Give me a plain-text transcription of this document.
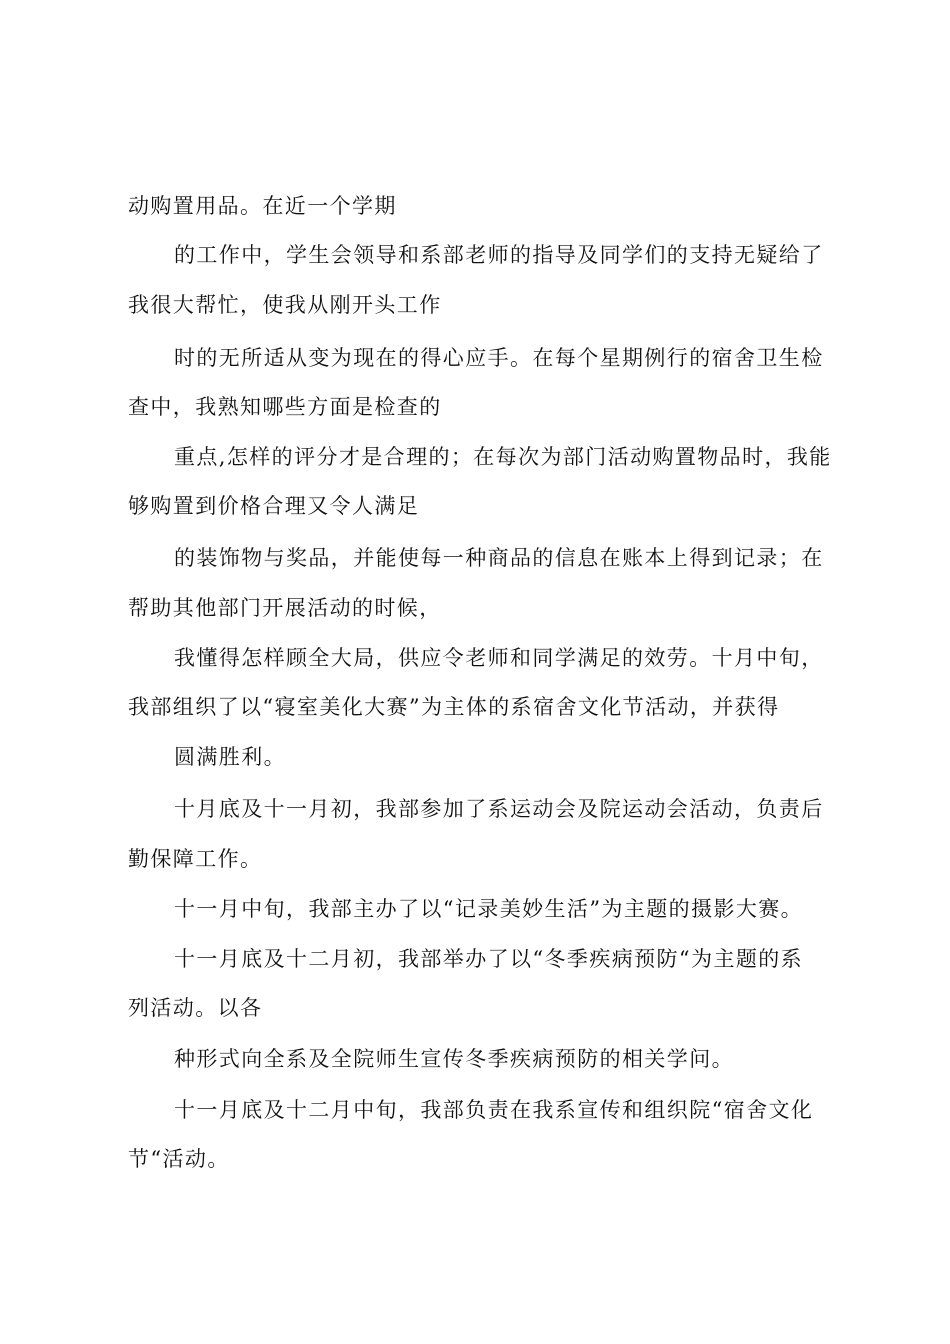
动购置用品。在近一个学期
的工作中，学生会领导和系部老师的指导及同学们的支持无疑给了
我很大帮忙，使我从刚开头工作
时的无所适从变为现在的得心应手。在每个星期例行的宿舍卫生检
查中，我熟知哪些方面是检查的
重点,怎样的评分才是合理的；在每次为部门活动购置物品时，我能
够购置到价格合理又令人满足
的装饰物与奖品，并能使每一种商品的信息在账本上得到记录；在
帮助其他部门开展活动的时候，
我懂得怎样顾全大局，供应令老师和同学满足的效劳。十月中旬，
我部组织了以“寝室美化大赛”为主体的系宿舍文化节活动，并获得
圆满胜利。
十月底及十一月初，我部参加了系运动会及院运动会活动，负责后
勤保障工作。
十一月中旬，我部主办了以“记录美妙生活”为主题的摄影大赛。
十一月底及十二月初，我部举办了以“冬季疾病预防“为主题的系
列活动。以各
种形式向全系及全院师生宣传冬季疾病预防的相关学问。
十一月底及十二月中旬，我部负责在我系宣传和组织院“宿舍文化
节“活动。
